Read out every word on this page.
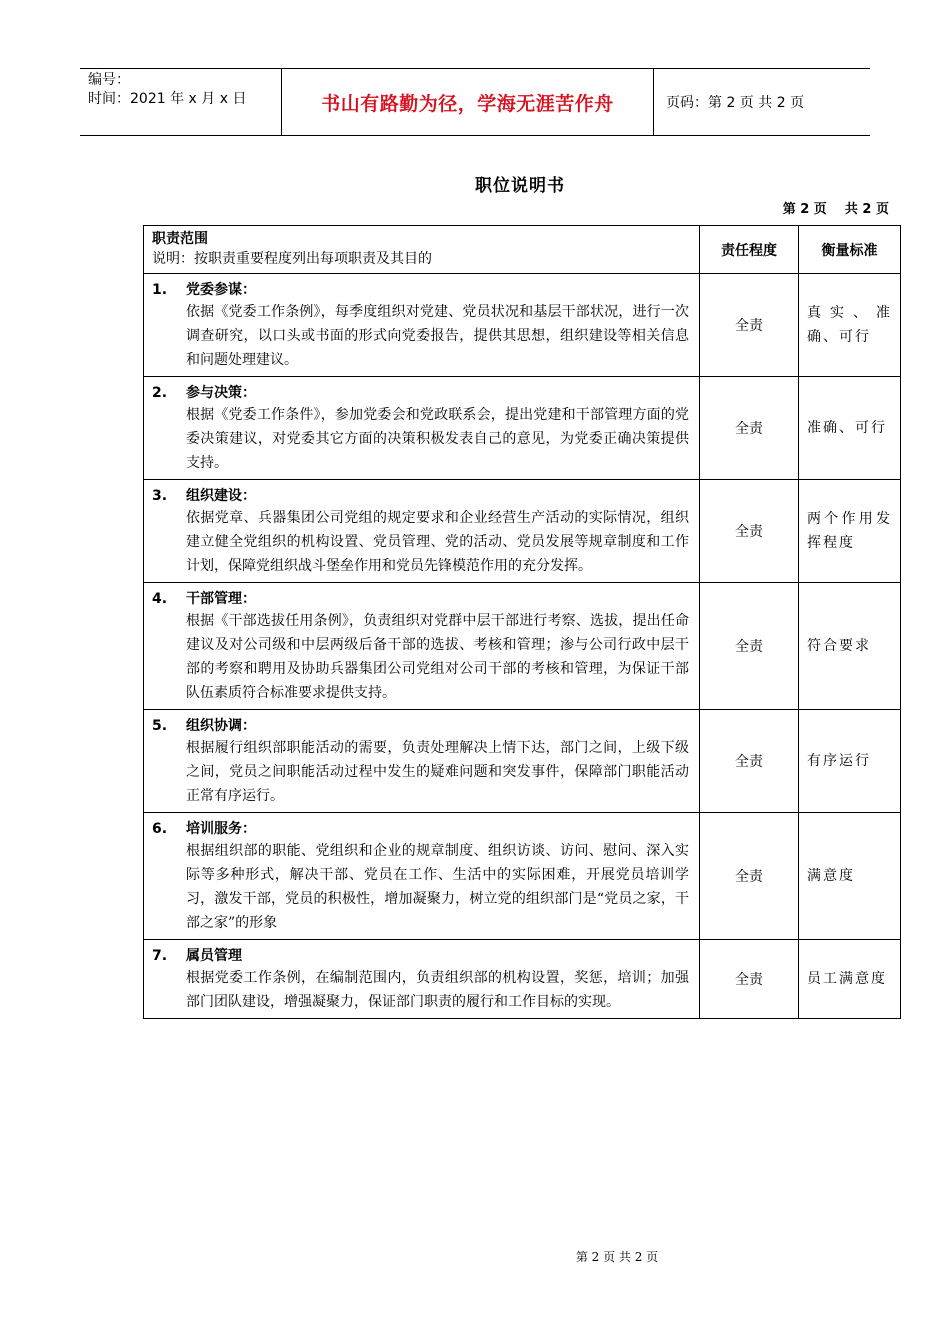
编号：
时间：2021 年 x 月 x 日	书山有路勤为径，学海无涯苦作舟	页码：第 2 页 共 2 页
职位说明书
第 2 页    共 2 页
职责范围
说明：按职责重要程度列出每项职责及其目的	责任程度	衡量标准

1. 党委参谋：
依据《党委工作条例》，每季度组织对党建、党员状况和基层干部状况，进行一次调查研究，以口头或书面的形式向党委报告，提供其思想，组织建设等相关信息和问题处理建议。	全责	真实、准确、可行

2. 参与决策：
根据《党委工作条件》，参加党委会和党政联系会，提出党建和干部管理方面的党委决策建议，对党委其它方面的决策积极发表自己的意见，为党委正确决策提供支持。	全责	准确、可行

3. 组织建设：
依据党章、兵器集团公司党组的规定要求和企业经营生产活动的实际情况，组织建立健全党组织的机构设置、党员管理、党的活动、党员发展等规章制度和工作计划，保障党组织战斗堡垒作用和党员先锋模范作用的充分发挥。	全责	两个作用发挥程度

4. 干部管理：
根据《干部选拔任用条例》，负责组织对党群中层干部进行考察、选拔，提出任命建议及对公司级和中层两级后备干部的选拔、考核和管理；渗与公司行政中层干部的考察和聘用及协助兵器集团公司党组对公司干部的考核和管理，为保证干部队伍素质符合标准要求提供支持。	全责	符合要求

5. 组织协调：
根据履行组织部职能活动的需要，负责处理解决上情下达，部门之间，上级下级之间，党员之间职能活动过程中发生的疑难问题和突发事件，保障部门职能活动正常有序运行。	全责	有序运行

6. 培训服务：
根据组织部的职能、党组织和企业的规章制度、组织访谈、访问、慰问、深入实际等多种形式，解决干部、党员在工作、生活中的实际困难，开展党员培训学习，激发干部，党员的积极性，增加凝聚力，树立党的组织部门是“党员之家，干部之家”的形象	全责	满意度

7. 属员管理
根据党委工作条例，在编制范围内，负责组织部的机构设置，奖惩，培训；加强部门团队建设，增强凝聚力，保证部门职责的履行和工作目标的实现。	全责	员工满意度
第 2 页 共 2 页
